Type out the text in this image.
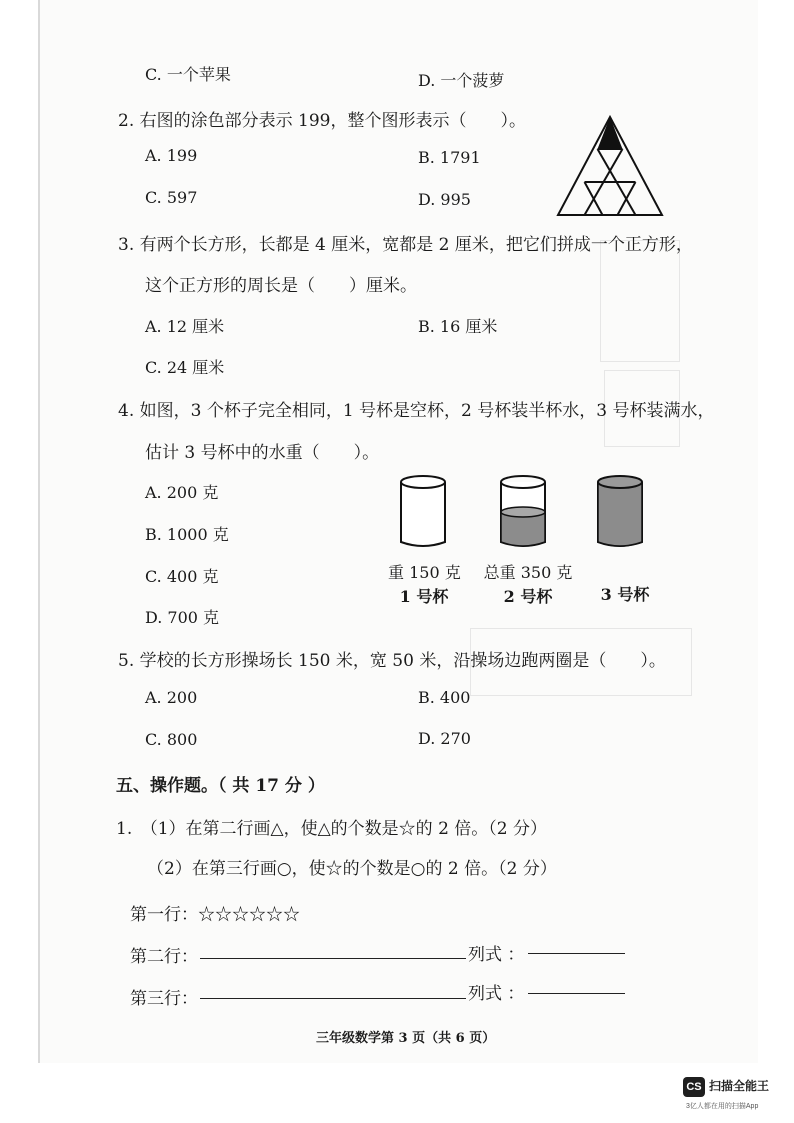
C. 一个苹果	D. 一个菠萝
2. 右图的涂色部分表示 199，整个图形表示（　　）。
A. 199	B. 1791
C. 597	D. 995
3. 有两个长方形，长都是 4 厘米，宽都是 2 厘米，把它们拼成一个正方形，
这个正方形的周长是（　　）厘米。
A. 12 厘米	B. 16 厘米
C. 24 厘米
4. 如图，3 个杯子完全相同，1 号杯是空杯，2 号杯装半杯水，3 号杯装满水，
估计 3 号杯中的水重（　　）。
A. 200 克
B. 1000 克
C. 400 克
D. 700 克
重 150 克
1 号杯
总重 350 克
2 号杯	3 号杯
5. 学校的长方形操场长 150 米，宽 50 米，沿操场边跑两圈是（　　）。
A. 200	B. 400
C. 800	D. 270
五、操作题。（ 共 17 分 ）
1.　（1）在第二行画△，使△的个数是☆的 2 倍。（2 分）
（2）在第三行画○，使☆的个数是○的 2 倍。（2 分）
第一行：☆☆☆☆☆☆
第二行：	列式 ：
第三行：	列式 ：
三年级数学第 3 页（共 6 页）
CS 扫描全能王
3亿人都在用的扫描App
